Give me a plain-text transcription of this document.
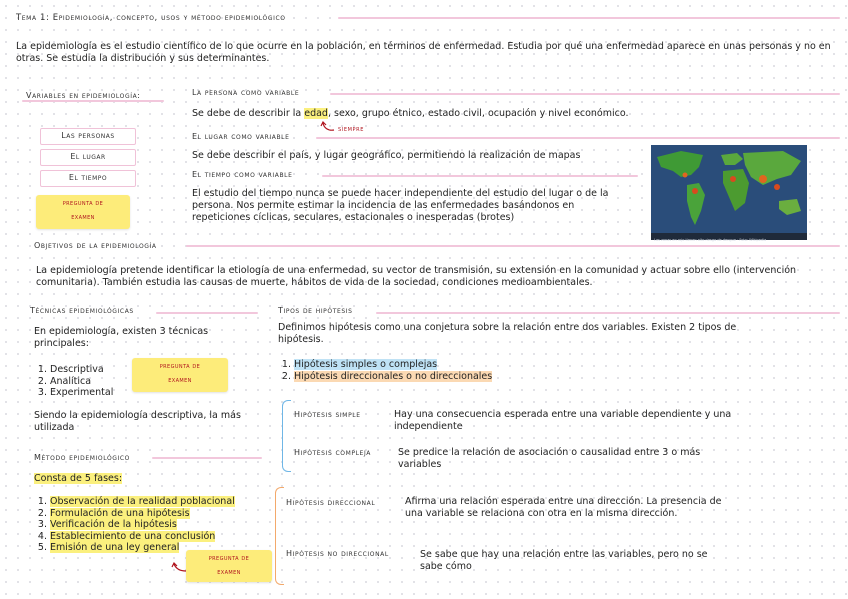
Tema 1: Epidemiología, concepto, usos y método epidemiológico
La epidemiología es el estudio científico de lo que ocurre en la población, en términos de enfermedad. Estudia por qué una enfermedad aparece en unas personas y no en otras. Se estudia la distribución y sus determinantes.
Variables en epidemiología:
Las personas
El lugar
El tiempo
pregunta de
examen
La persona como variable
Se debe de describir la edad, sexo, grupo étnico, estado civil, ocupación y nivel económico.
siempre
El lugar como variable
Se debe describir el país, y lugar geográfico, permitiendo la realización de mapas
El tiempo como variable
El estudio del tiempo nunca se puede hacer independiente del estudio del lugar o de la persona. Nos permite estimar la incidencia de las enfermedades basándonos en repeticiones cíclicas, seculares, estacionales o inesperadas (brotes)
Las zonas en rojo tienen alto riesgo de dengue · Foto: Wikipedia
Objetivos de la epidemiología
La epidemiología pretende identificar la etiología de una enfermedad, su vector de transmisión, su extensión en la comunidad y actuar sobre ello (intervención comunitaria). También estudia las causas de muerte, hábitos de vida de la sociedad, condiciones medioambientales.
Técnicas epidemiológicas
En epidemiología, existen 3 técnicas principales:
1. Descriptiva
2. Analítica
3. Experimental
pregunta de
examen
Siendo la epidemiología descriptiva, la más utilizada
Método epidemiológico
Consta de 5 fases:
1. Observación de la realidad poblacional
2. Formulación de una hipótesis
3. Verificación de la hipótesis
4. Establecimiento de una conclusión
5. Emisión de una ley general
pregunta de
examen
Tipos de hipótesis
Definimos hipótesis como una conjetura sobre la relación entre dos variables. Existen 2 tipos de hipótesis.
1. Hipótesis simples o complejas
2. Hipótesis direccionales o no direccionales
Hipótesis simple	Hay una consecuencia esperada entre una variable dependiente y una independiente
Hipótesis compleja	Se predice la relación de asociación o causalidad entre 3 o más variables
Hipótesis direccional	Afirma una relación esperada entre una dirección. La presencia de una variable se relaciona con otra en la misma dirección.
Hipótesis no direccional	Se sabe que hay una relación entre las variables, pero no se sabe cómo
